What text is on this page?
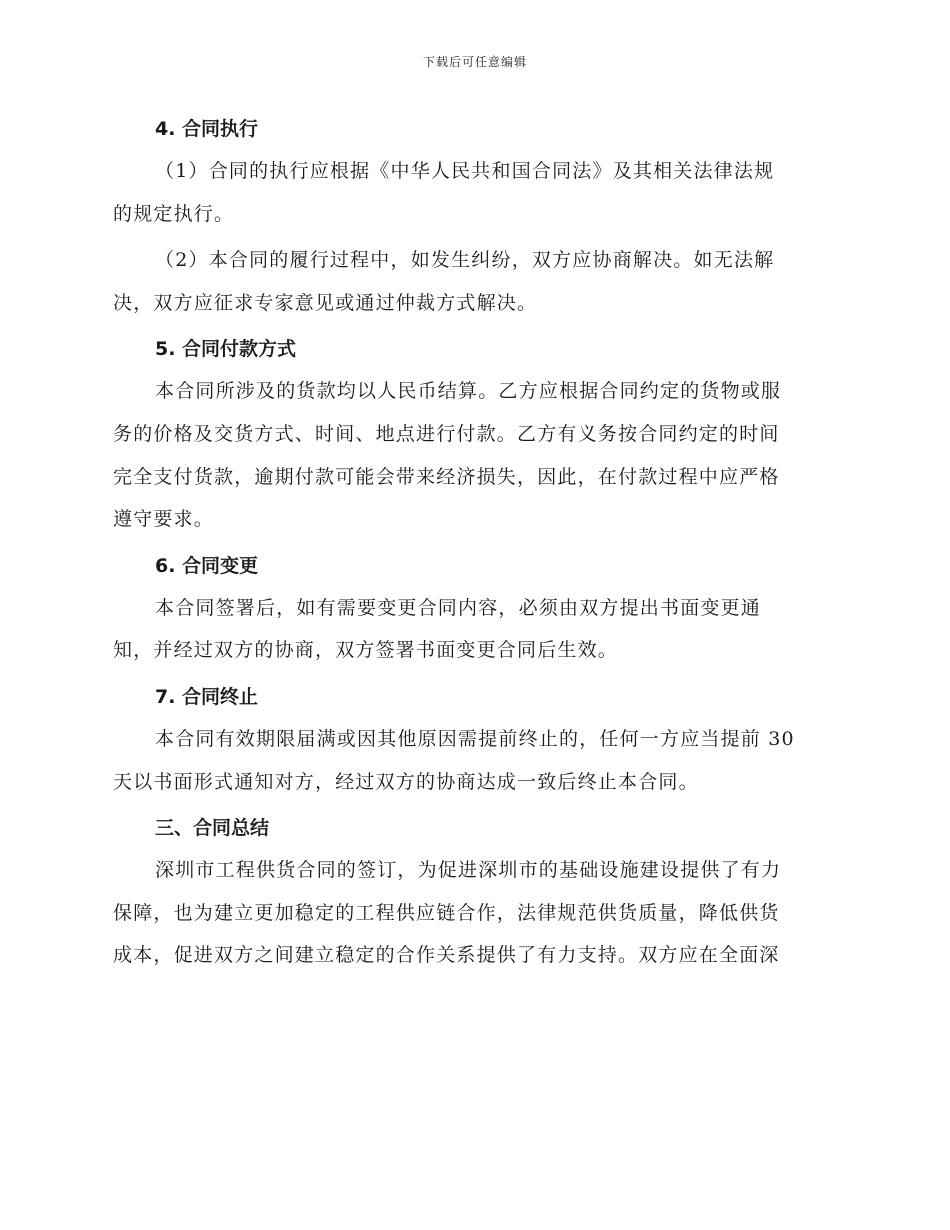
下载后可任意编辑
4. 合同执行
（1）合同的执行应根据《中华人民共和国合同法》及其相关法律法规
的规定执行。
（2）本合同的履行过程中，如发生纠纷，双方应协商解决。如无法解
决，双方应征求专家意见或通过仲裁方式解决。
5. 合同付款方式
本合同所涉及的货款均以人民币结算。乙方应根据合同约定的货物或服
务的价格及交货方式、时间、地点进行付款。乙方有义务按合同约定的时间
完全支付货款，逾期付款可能会带来经济损失，因此，在付款过程中应严格
遵守要求。
6. 合同变更
本合同签署后，如有需要变更合同内容，必须由双方提出书面变更通
知，并经过双方的协商，双方签署书面变更合同后生效。
7. 合同终止
本合同有效期限届满或因其他原因需提前终止的，任何一方应当提前 30
天以书面形式通知对方，经过双方的协商达成一致后终止本合同。
三、合同总结
深圳市工程供货合同的签订，为促进深圳市的基础设施建设提供了有力
保障，也为建立更加稳定的工程供应链合作，法律规范供货质量，降低供货
成本，促进双方之间建立稳定的合作关系提供了有力支持。双方应在全面深
